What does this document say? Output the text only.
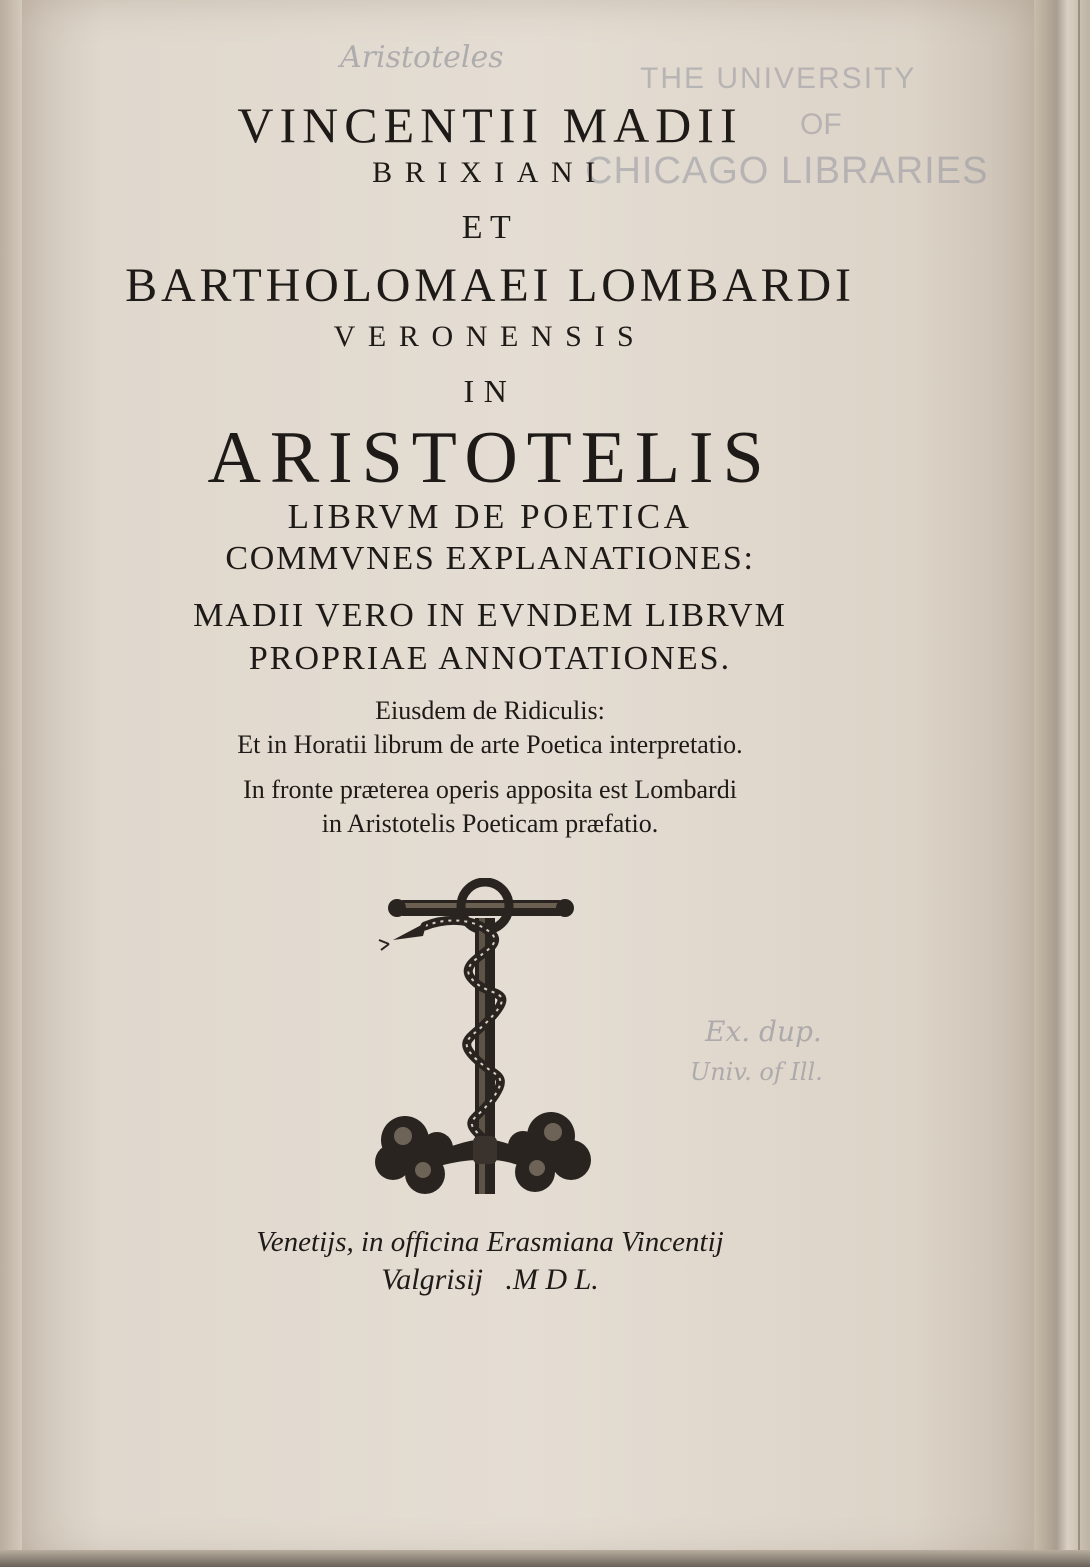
THE UNIVERSITY
OF
CHICAGO LIBRARIES
Aristoteles
Ex. dup.
Univ. of Ill.
VINCENTII MADII
BRIXIANI
ET
BARTHOLOMAEI LOMBARDI
VERONENSIS
IN
ARISTOTELIS
LIBRVM DE POETICA
COMMVNES EXPLANATIONES:
MADII VERO IN EVNDEM LIBRVM
PROPRIAE ANNOTATIONES.
Eiusdem de Ridiculis:
Et in Horatii librum de arte Poetica interpretatio.
In fronte præterea operis apposita est Lombardi
in Aristotelis Poeticam præfatio.
Venetijs, in officina Erasmiana Vincentij
Valgrisij   .M D L.
